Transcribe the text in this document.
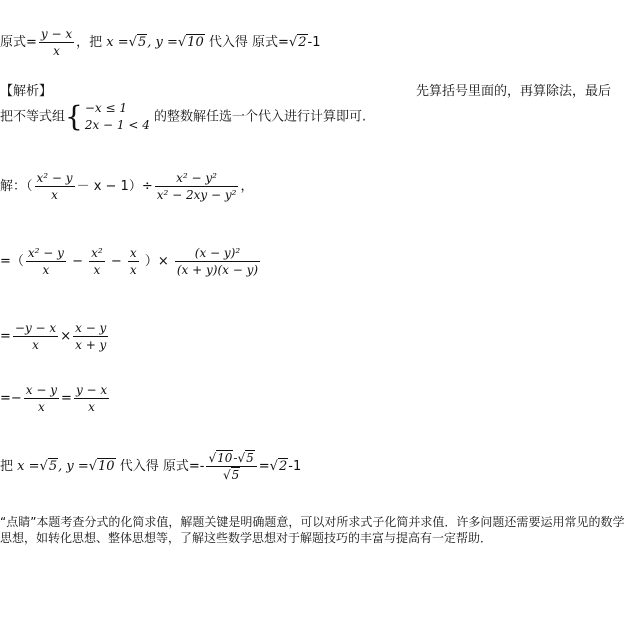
原式= $\frac{y - x}{x}$ ，把 x =√5, y =√10 代入得 原式=√2-1
【解析】	先算括号里面的，再算除法，最后
把不等式组{ −x ≤ 1
2x − 1 < 4
的整数解任选一个代入进行计算即可.
解：（ $\frac{\text{x² − y}}{x} - x - 1)\div \frac{\text{x² − y²}}{\text{x² − 2xy − y²}}$ ，
=（ $\frac{\text{x² − y}}{x} - \frac{\text{x²}}{x} - \frac{x}{x}$ ）× $\frac{\text{(x − y)²}}{(x + y)(x - y)}$
= $\frac{-y - x}{x} \times \frac{x - y}{x + y}$
=− $\frac{x - y}{x} = \frac{y - x}{x}$
把 x =√5, y =√10 代入得 原式=- $\frac{√10-√5}{√5} =√2-1$
“点睛”本题考查分式的化简求值，解题关键是明确题意，可以对所求式子化简并求值．许多问题还需要运用常见的数学思想，如转化思想、整体思想等，了解这些数学思想对于解题技巧的丰富与提高有一定帮助．
